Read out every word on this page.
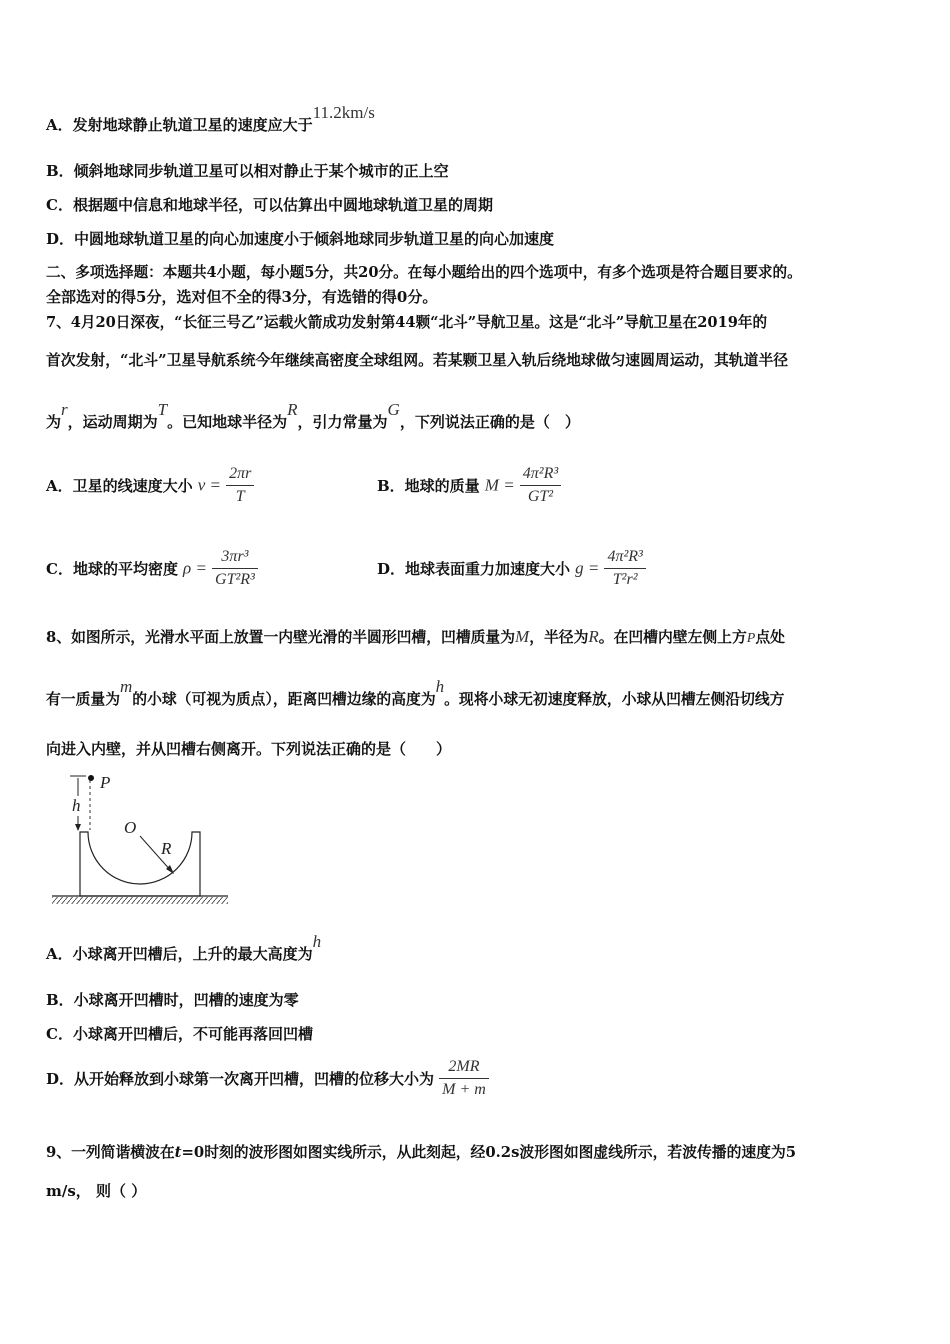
A．发射地球静止轨道卫星的速度应大于11.2km/s
B．倾斜地球同步轨道卫星可以相对静止于某个城市的正上空
C．根据题中信息和地球半径，可以估算出中圆地球轨道卫星的周期
D．中圆地球轨道卫星的向心加速度小于倾斜地球同步轨道卫星的向心加速度
二、多项选择题：本题共4小题，每小题5分，共20分。在每小题给出的四个选项中，有多个选项是符合题目要求的。
全部选对的得5分，选对但不全的得3分，有选错的得0分。
7、4月20日深夜，“长征三号乙”运载火箭成功发射第44颗“北斗”导航卫星。这是“北斗”导航卫星在2019年的
首次发射，“北斗”卫星导航系统今年继续高密度全球组网。若某颗卫星入轨后绕地球做匀速圆周运动，其轨道半径
为r，运动周期为T。已知地球半径为R，引力常量为G，下列说法正确的是（　）
A．卫星的线速度大小 $v = \frac{2\pi r}{T}$	B．地球的质量 $M = \frac{\text{4π²R³}}{\text{GT²}}$
C．地球的平均密度 $\rho = \frac{\text{3πr³}}{\text{GT²R³}}$	D．地球表面重力加速度大小 $g = \frac{\text{4π²R³}}{\text{T²r²}}$
8、如图所示，光滑水平面上放置一内壁光滑的半圆形凹槽，凹槽质量为M，半径为R。在凹槽内壁左侧上方P点处
有一质量为m的小球（可视为质点），距离凹槽边缘的高度为h。现将小球无初速度释放，小球从凹槽左侧沿切线方
向进入内壁，并从凹槽右侧离开。下列说法正确的是（　　）
P
h
O
R
A．小球离开凹槽后，上升的最大高度为h
B．小球离开凹槽时，凹槽的速度为零
C．小球离开凹槽后，不可能再落回凹槽
D．从开始释放到小球第一次离开凹槽，凹槽的位移大小为 $\frac{2MR}{M + m}$
9、一列简谐横波在t=0时刻的波形图如图实线所示，从此刻起，经0.2s波形图如图虚线所示，若波传播的速度为5
m/s， 则（ ）
